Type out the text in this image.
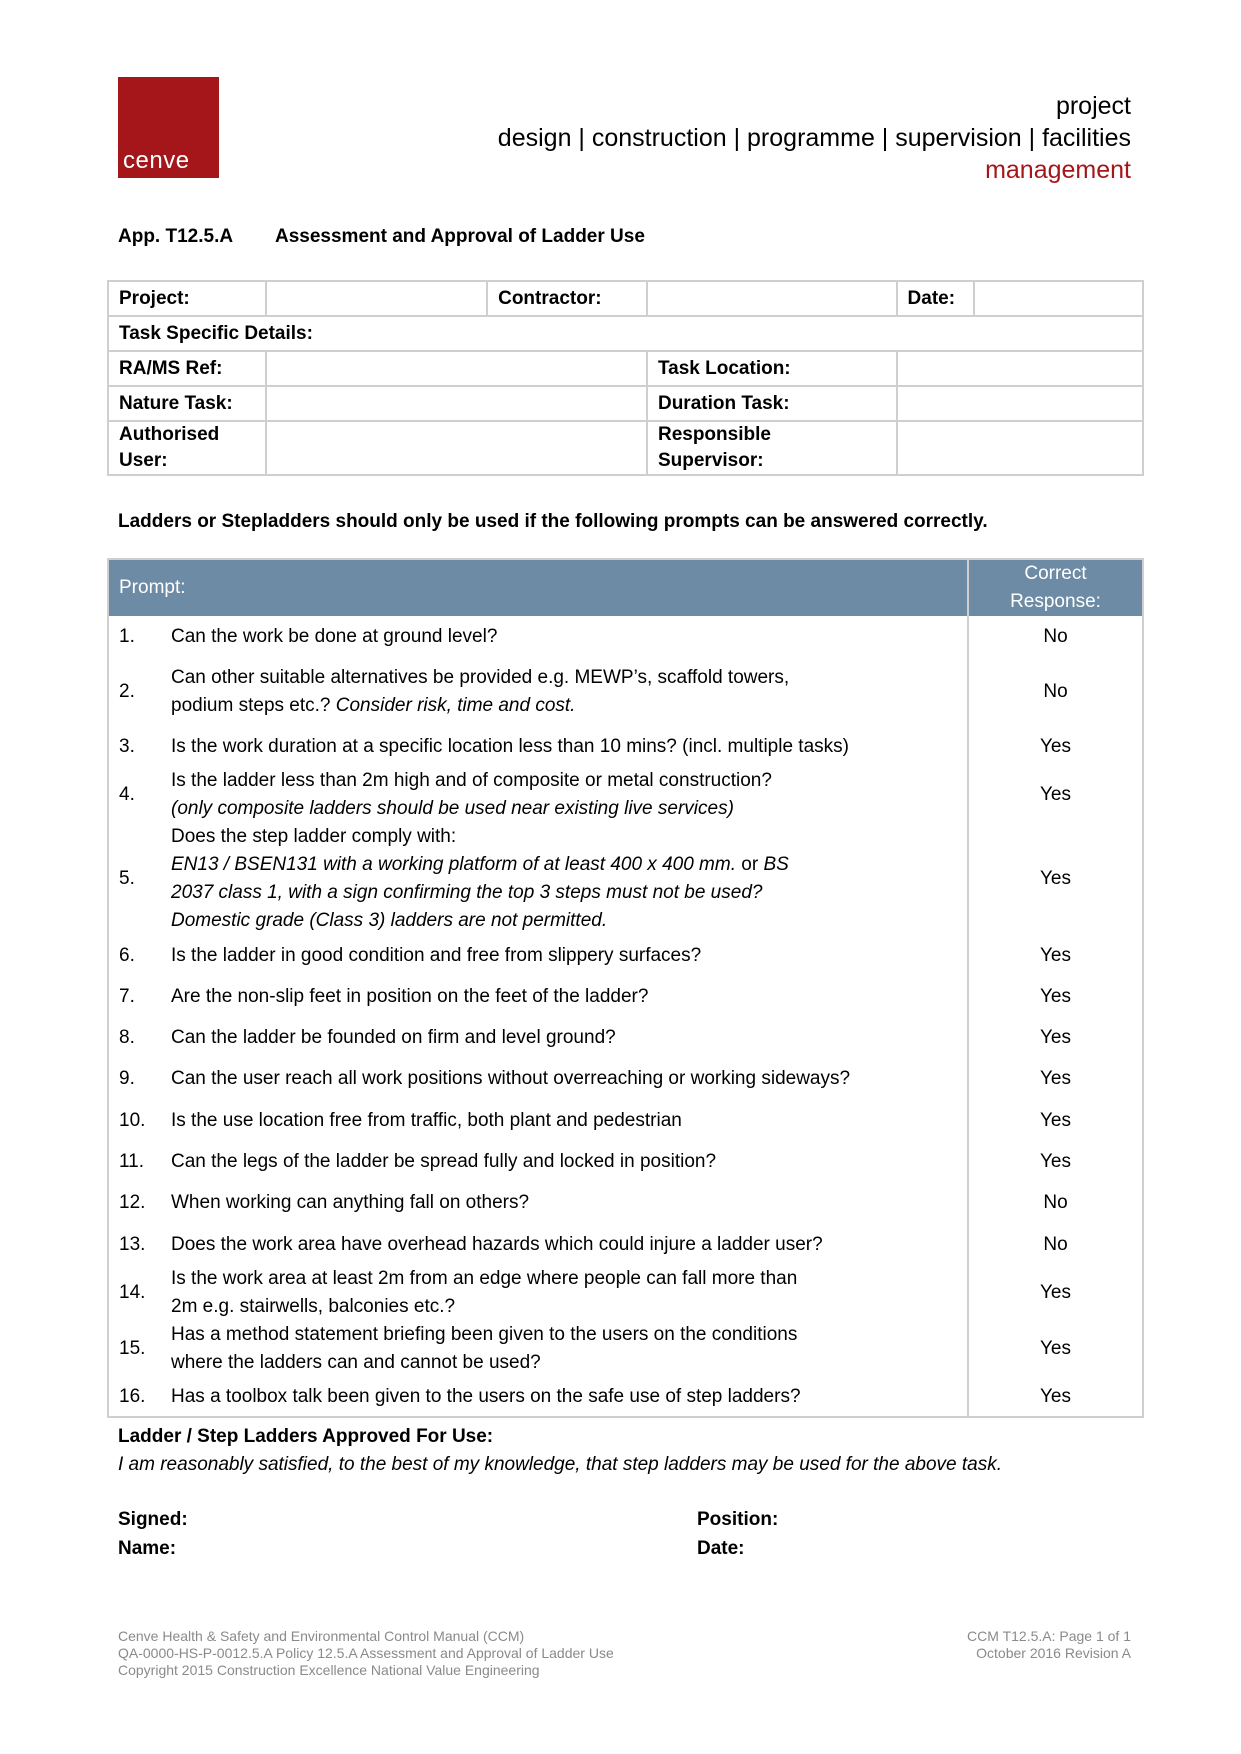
cenve
project
design | construction | programme | supervision | facilities
management
App. T12.5.A Assessment and Approval of Ladder Use
Project:		Contractor:		Date:	
Task Specific Details:					
RA/MS Ref:			Task Location:		
Nature Task:			Duration Task:		
Authorised
User:			Responsible
Supervisor:		
Ladders or Stepladders should only be used if the following prompts can be answered correctly.
Prompt:		Correct
Response:
1.	Can the work be done at ground level?	No
2.	Can other suitable alternatives be provided e.g. MEWP’s, scaffold towers,
podium steps etc.? Consider risk, time and cost.	No
3.	Is the work duration at a specific location less than 10 mins? (incl. multiple tasks)	Yes
4.	Is the ladder less than 2m high and of composite or metal construction?
(only composite ladders should be used near existing live services)	Yes
5.	Does the step ladder comply with:
EN13 / BSEN131 with a working platform of at least 400 x 400 mm. or BS
2037 class 1, with a sign confirming the top 3 steps must not be used?
Domestic grade (Class 3) ladders are not permitted.	Yes
6.	Is the ladder in good condition and free from slippery surfaces?	Yes
7.	Are the non-slip feet in position on the feet of the ladder?	Yes
8.	Can the ladder be founded on firm and level ground?	Yes
9.	Can the user reach all work positions without overreaching or working sideways?	Yes
10.	Is the use location free from traffic, both plant and pedestrian	Yes
11.	Can the legs of the ladder be spread fully and locked in position?	Yes
12.	When working can anything fall on others?	No
13.	Does the work area have overhead hazards which could injure a ladder user?	No
14.	Is the work area at least 2m from an edge where people can fall more than
2m e.g. stairwells, balconies etc.?	Yes
15.	Has a method statement briefing been given to the users on the conditions
where the ladders can and cannot be used?	Yes
16.	Has a toolbox talk been given to the users on the safe use of step ladders?	Yes
Ladder / Step Ladders Approved For Use:
I am reasonably satisfied, to the best of my knowledge, that step ladders may be used for the above task.
Signed:
Name:
Position:
Date:
Cenve Health & Safety and Environmental Control Manual (CCM)
QA-0000-HS-P-0012.5.A Policy 12.5.A Assessment and Approval of Ladder Use
Copyright 2015 Construction Excellence National Value Engineering
CCM T12.5.A: Page 1 of 1
October 2016 Revision A
